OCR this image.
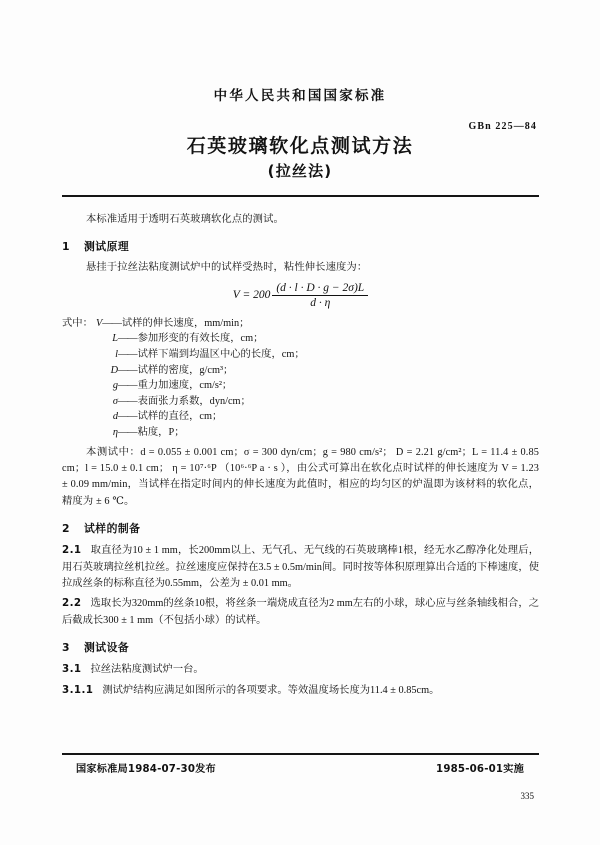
中华人民共和国国家标准
石英玻璃软化点测试方法
(拉丝法)
GBn 225—84

本标准适用于透明石英玻璃软化点的测试。

1 测试原理

悬挂于拉丝法粘度测试炉中的试样受热时，粘性伸长速度为：

$V = 200 \frac{(d \cdot l \cdot D \cdot g - 2\sigma)L}{d \cdot \eta}$
式中： V——试样的伸长速度，mm/min；
L——参加形变的有效长度，cm；
l——试样下端到均温区中心的长度，cm；
D——试样的密度，g/cm³；
g——重力加速度，cm/s²；
σ——表面张力系数，dyn/cm；
d——试样的直径，cm；
η——粘度，P；

本测试中：d = 0.055 ± 0.001 cm；σ = 300 dyn/cm；g = 980 cm/s²； D = 2.21 g/cm²；L = 11.4 ± 0.85 cm；l = 15.0 ± 0.1 cm； η = 10⁷·⁶P （10⁶·⁶P a · s ），由公式可算出在软化点时试样的伸长速度为 V = 1.23 ± 0.09 mm/min，当试样在指定时间内的伸长速度为此值时，相应的均匀区的炉温即为该材料的软化点，精度为 ± 6 ℃。

2 试样的制备

2.1 取直径为10 ± 1 mm，长200mm以上、无气孔、无气线的石英玻璃棒1根，经无水乙醇净化处理后，用石英玻璃拉丝机拉丝。拉丝速度应保持在3.5 ± 0.5m/min间。同时按等体积原理算出合适的下棒速度，使拉成丝条的标称直径为0.55mm，公差为 ± 0.01 mm。

2.2 选取长为320mm的丝条10根，将丝条一端烧成直径为2 mm左右的小球，球心应与丝条轴线相合，之后截成长300 ± 1 mm（不包括小球）的试样。

3 测试设备

3.1 拉丝法粘度测试炉一台。

3.1.1 测试炉结构应满足如图所示的各项要求。等效温度场长度为11.4 ± 0.85cm。

国家标准局1984-07-30发布	1985-06-01实施
335
